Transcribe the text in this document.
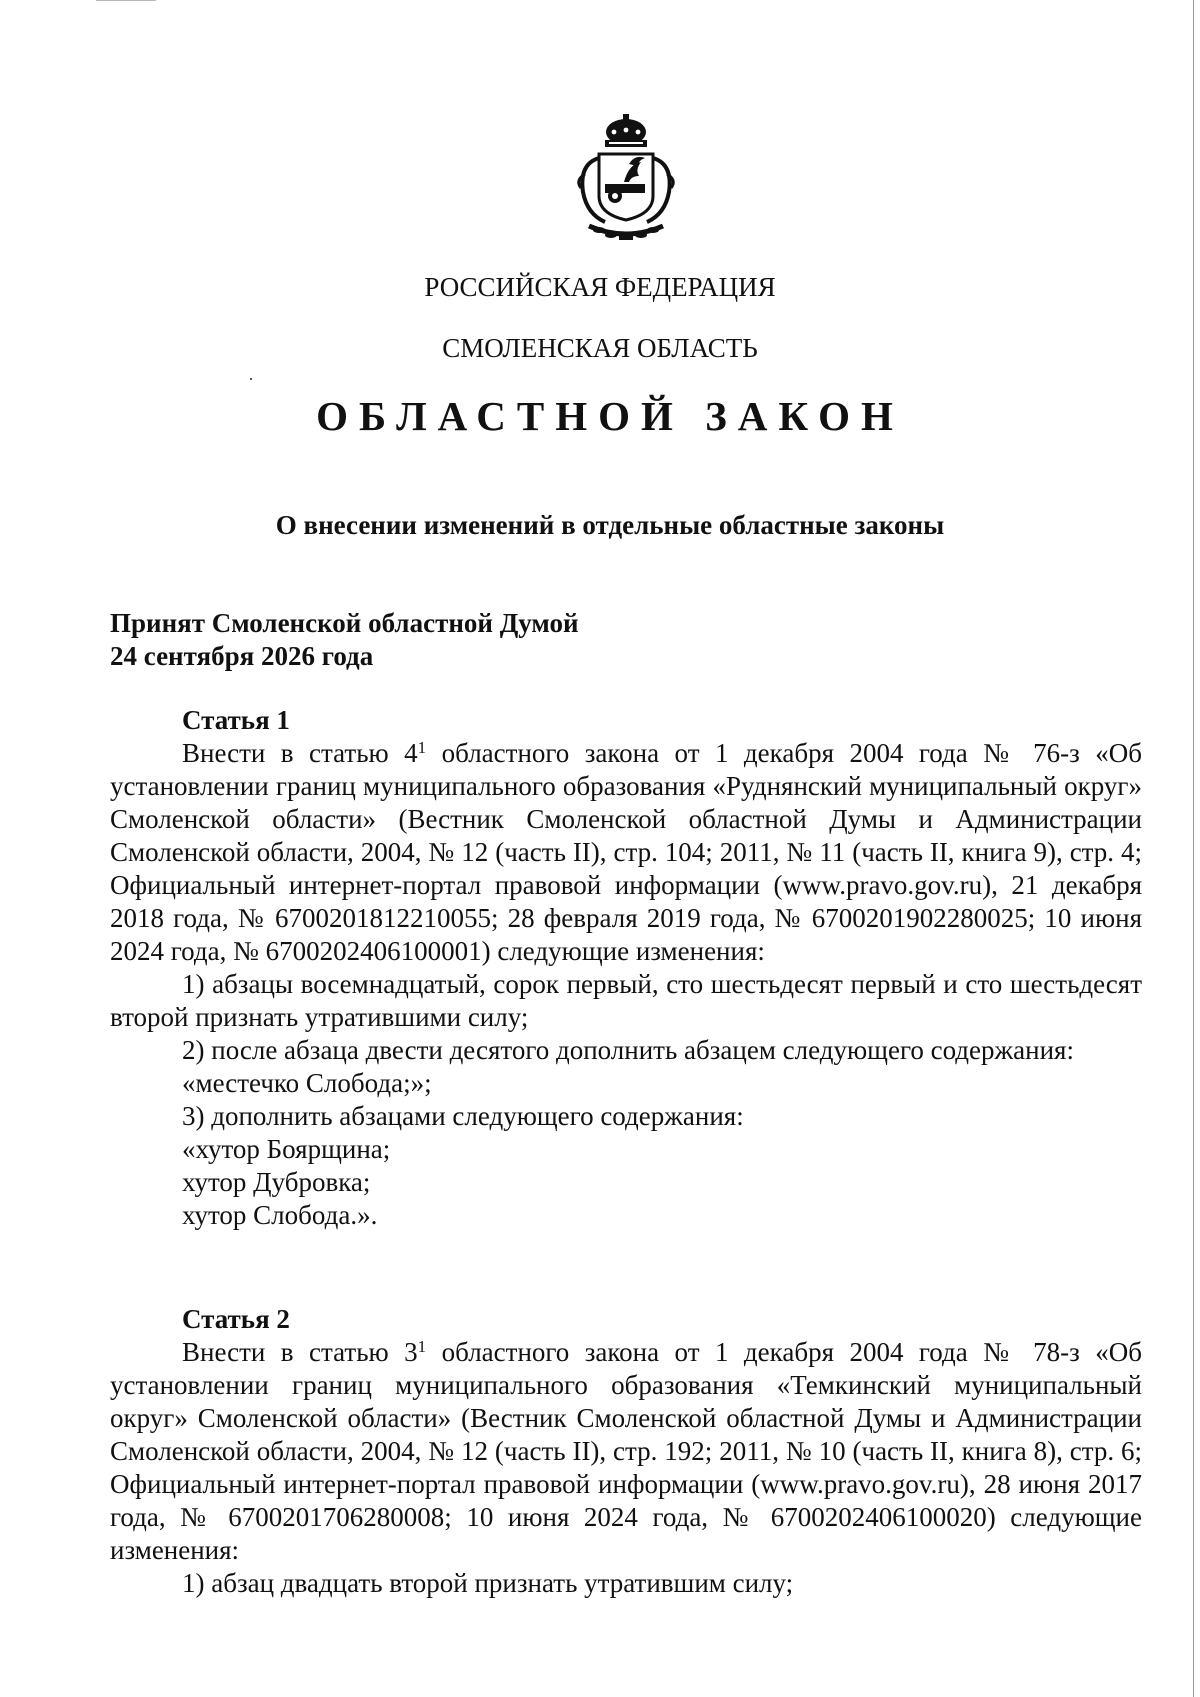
РОССИЙСКАЯ ФЕДЕРАЦИЯ
СМОЛЕНСКАЯ ОБЛАСТЬ
ОБЛАСТНОЙ ЗАКОН
О внесении изменений в отдельные областные законы
Принят Смоленской областной Думой
24 сентября 2026 года
Статья 1

Внести в статью $4^1$ областного закона от 1 декабря 2004 года № 76-з «Об установлении границ муниципального образования «Руднянский муниципальный округ» Смоленской области» (Вестник Смоленской областной Думы и Администрации Смоленской области, 2004, № 12 (часть II), стр. 104; 2011, № 11 (часть II, книга 9), стр. 4; Официальный интернет-портал правовой информации (www.pravo.gov.ru), 21 декабря 2018 года, № 6700201812210055; 28 февраля 2019 года, № 6700201902280025; 10 июня 2024 года, № 6700202406100001) следующие изменения:

1) абзацы восемнадцатый, сорок первый, сто шестьдесят первый и сто шестьдесят второй признать утратившими силу;

2) после абзаца двести десятого дополнить абзацем следующего содержания:

«местечко Слобода;»;

3) дополнить абзацами следующего содержания:

«хутор Боярщина;

хутор Дубровка;

хутор Слобода.».

Статья 2

Внести в статью $3^1$ областного закона от 1 декабря 2004 года № 78-з «Об установлении границ муниципального образования «Темкинский муниципальный округ» Смоленской области» (Вестник Смоленской областной Думы и Администрации Смоленской области, 2004, № 12 (часть II), стр. 192; 2011, № 10 (часть II, книга 8), стр. 6; Официальный интернет-портал правовой информации (www.pravo.gov.ru), 28 июня 2017 года, № 6700201706280008; 10 июня 2024 года, № 6700202406100020) следующие изменения:

1) абзац двадцать второй признать утратившим силу;
